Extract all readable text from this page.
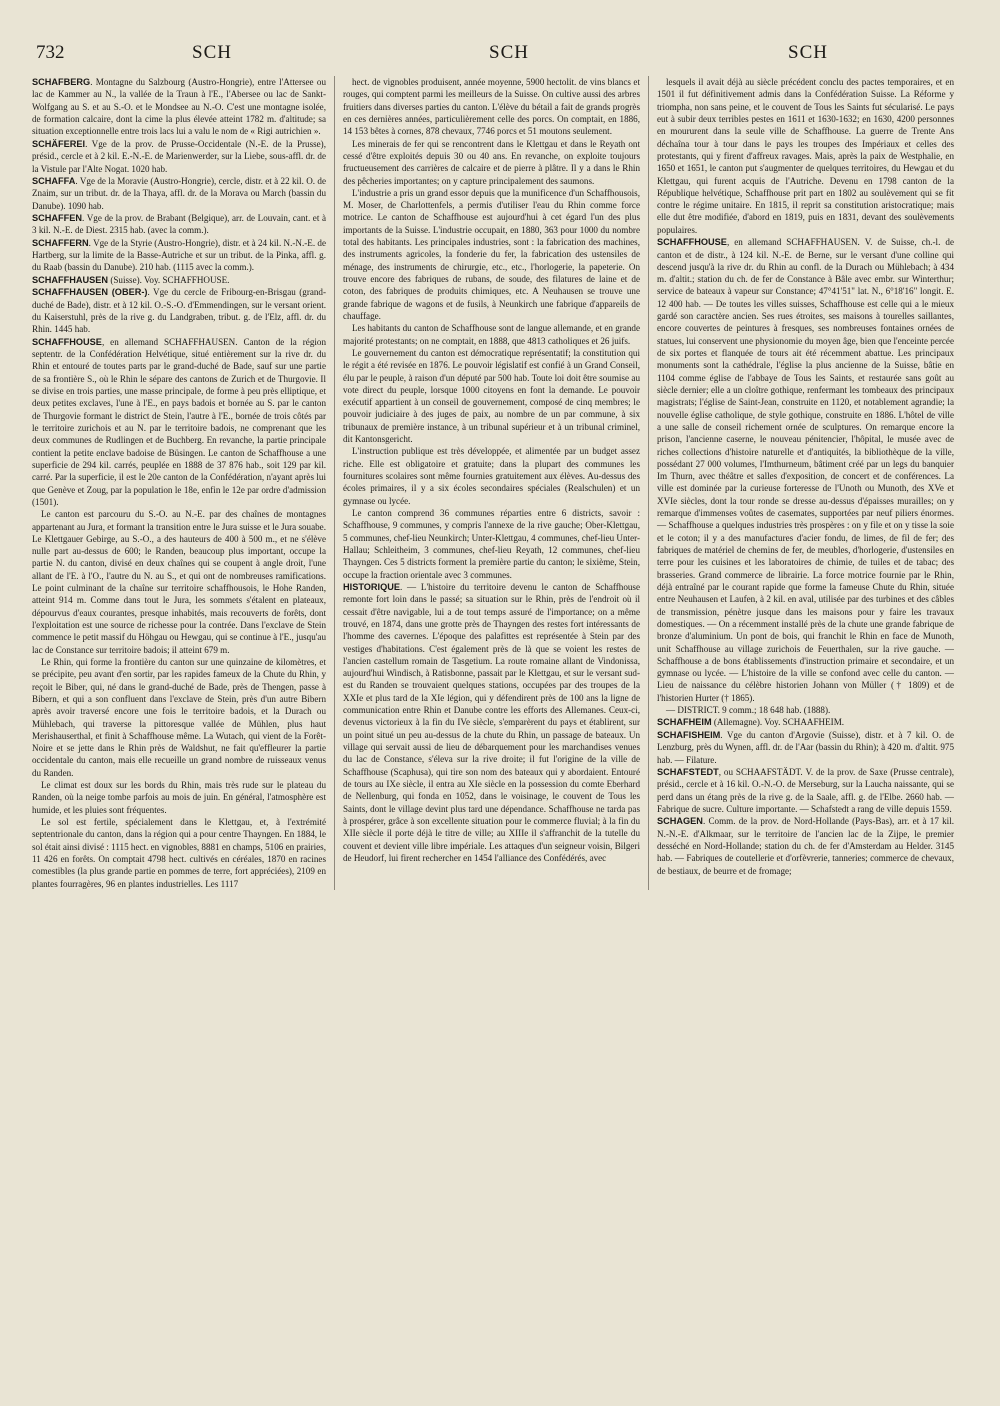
732	SCH	SCH	SCH

SCHAFBERG. Montagne du Salzbourg (Austro-Hongrie), entre l'Attersee ou lac de Kammer au N., la vallée de la Traun à l'E., l'Abersee ou lac de Sankt-Wolfgang au S. et au S.-O. et le Mondsee au N.-O. C'est une montagne isolée, de formation calcaire, dont la cime la plus élevée atteint 1782 m. d'altitude; sa situation exceptionnelle entre trois lacs lui a valu le nom de « Rigi autrichien ».

SCHÄFEREI. Vge de la prov. de Prusse-Occidentale (N.-E. de la Prusse), présid., cercle et à 2 kil. E.-N.-E. de Marienwerder, sur la Liebe, sous-affl. dr. de la Vistule par l'Alte Nogat. 1020 hab.

SCHAFFA. Vge de la Moravie (Austro-Hongrie), cercle, distr. et à 22 kil. O. de Znaim, sur un tribut. dr. de la Thaya, affl. dr. de la Morava ou March (bassin du Danube). 1090 hab.

SCHAFFEN. Vge de la prov. de Brabant (Belgique), arr. de Louvain, cant. et à 3 kil. N.-E. de Diest. 2315 hab. (avec la comm.).

SCHAFFERN. Vge de la Styrie (Austro-Hongrie), distr. et à 24 kil. N.-N.-E. de Hartberg, sur la limite de la Basse-Autriche et sur un tribut. de la Pinka, affl. g. du Raab (bassin du Danube). 210 hab. (1115 avec la comm.).

SCHAFFHAUSEN (Suisse). Voy. SCHAFFHOUSE.

SCHAFFHAUSEN (OBER-). Vge du cercle de Fribourg-en-Brisgau (grand-duché de Bade), distr. et à 12 kil. O.-S.-O. d'Emmendingen, sur le versant orient. du Kaiserstuhl, près de la rive g. du Landgraben, tribut. g. de l'Elz, affl. dr. du Rhin. 1445 hab.

SCHAFFHOUSE, en allemand SCHAFFHAUSEN. Canton de la région septentr. de la Confédération Helvétique, situé entièrement sur la rive dr. du Rhin et entouré de toutes parts par le grand-duché de Bade, sauf sur une partie de sa frontière S., où le Rhin le sépare des cantons de Zurich et de Thurgovie. Il se divise en trois parties, une masse principale, de forme à peu près elliptique, et deux petites exclaves, l'une à l'E., en pays badois et bornée au S. par le canton de Thurgovie formant le district de Stein, l'autre à l'E., bornée de trois côtés par le territoire zurichois et au N. par le territoire badois, ne comprenant que les deux communes de Rudlingen et de Buchberg. En revanche, la partie principale contient la petite enclave badoise de Büsingen. Le canton de Schaffhouse a une superficie de 294 kil. carrés, peuplée en 1888 de 37 876 hab., soit 129 par kil. carré. Par la superficie, il est le 20e canton de la Confédération, n'ayant après lui que Genève et Zoug, par la population le 18e, enfin le 12e par ordre d'admission (1501).

Le canton est parcouru du S.-O. au N.-E. par des chaînes de montagnes appartenant au Jura, et formant la transition entre le Jura suisse et le Jura souabe. Le Klettgauer Gebirge, au S.-O., a des hauteurs de 400 à 500 m., et ne s'élève nulle part au-dessus de 600; le Randen, beaucoup plus important, occupe la partie N. du canton, divisé en deux chaînes qui se coupent à angle droit, l'une allant de l'E. à l'O., l'autre du N. au S., et qui ont de nombreuses ramifications. Le point culminant de la chaîne sur territoire schaffhousois, le Hohe Randen, atteint 914 m. Comme dans tout le Jura, les sommets s'étalent en plateaux, dépourvus d'eaux courantes, presque inhabités, mais recouverts de forêts, dont l'exploitation est une source de richesse pour la contrée. Dans l'exclave de Stein commence le petit massif du Höhgau ou Hewgau, qui se continue à l'E., jusqu'au lac de Constance sur territoire badois; il atteint 679 m.

Le Rhin, qui forme la frontière du canton sur une quinzaine de kilomètres, et se précipite, peu avant d'en sortir, par les rapides fameux de la Chute du Rhin, y reçoit le Biber, qui, né dans le grand-duché de Bade, près de Thengen, passe à Bibern, et qui a son confluent dans l'exclave de Stein, près d'un autre Bibern après avoir traversé encore une fois le territoire badois, et la Durach ou Mühlebach, qui traverse la pittoresque vallée de Mühlen, plus haut Merishauserthal, et finit à Schaffhouse même. La Wutach, qui vient de la Forêt-Noire et se jette dans le Rhin près de Waldshut, ne fait qu'effleurer la partie occidentale du canton, mais elle recueille un grand nombre de ruisseaux venus du Randen.

Le climat est doux sur les bords du Rhin, mais très rude sur le plateau du Randen, où la neige tombe parfois au mois de juin. En général, l'atmosphère est humide, et les pluies sont fréquentes.

Le sol est fertile, spécialement dans le Klettgau, et, à l'extrémité septentrionale du canton, dans la région qui a pour centre Thayngen. En 1884, le sol était ainsi divisé : 1115 hect. en vignobles, 8881 en champs, 5106 en prairies, 11 426 en forêts. On comptait 4798 hect. cultivés en céréales, 1870 en racines comestibles (la plus grande partie en pommes de terre, fort appréciées), 2109 en plantes fourragères, 96 en plantes industrielles. Les 1117

hect. de vignobles produisent, année moyenne, 5900 hectolit. de vins blancs et rouges, qui comptent parmi les meilleurs de la Suisse. On cultive aussi des arbres fruitiers dans diverses parties du canton. L'élève du bétail a fait de grands progrès en ces dernières années, particulièrement celle des porcs. On comptait, en 1886, 14 153 bêtes à cornes, 878 chevaux, 7746 porcs et 51 moutons seulement.

Les minerais de fer qui se rencontrent dans le Klettgau et dans le Reyath ont cessé d'être exploités depuis 30 ou 40 ans. En revanche, on exploite toujours fructueusement des carrières de calcaire et de pierre à plâtre. Il y a dans le Rhin des pêcheries importantes; on y capture principalement des saumons.

L'industrie a pris un grand essor depuis que la munificence d'un Schaffhousois, M. Moser, de Charlottenfels, a permis d'utiliser l'eau du Rhin comme force motrice. Le canton de Schaffhouse est aujourd'hui à cet égard l'un des plus importants de la Suisse. L'industrie occupait, en 1880, 363 pour 1000 du nombre total des habitants. Les principales industries, sont : la fabrication des machines, des instruments agricoles, la fonderie du fer, la fabrication des ustensiles de ménage, des instruments de chirurgie, etc., etc., l'horlogerie, la papeterie. On trouve encore des fabriques de rubans, de soude, des filatures de laine et de coton, des fabriques de produits chimiques, etc. A Neuhausen se trouve une grande fabrique de wagons et de fusils, à Neunkirch une fabrique d'appareils de chauffage.

Les habitants du canton de Schaffhouse sont de langue allemande, et en grande majorité protestants; on ne comptait, en 1888, que 4813 catholiques et 26 juifs.

Le gouvernement du canton est démocratique représentatif; la constitution qui le régit a été revisée en 1876. Le pouvoir législatif est confié à un Grand Conseil, élu par le peuple, à raison d'un député par 500 hab. Toute loi doit être soumise au vote direct du peuple, lorsque 1000 citoyens en font la demande. Le pouvoir exécutif appartient à un conseil de gouvernement, composé de cinq membres; le pouvoir judiciaire à des juges de paix, au nombre de un par commune, à six tribunaux de première instance, à un tribunal supérieur et à un tribunal criminel, dit Kantonsgericht.

L'instruction publique est très développée, et alimentée par un budget assez riche. Elle est obligatoire et gratuite; dans la plupart des communes les fournitures scolaires sont même fournies gratuitement aux élèves. Au-dessus des écoles primaires, il y a six écoles secondaires spéciales (Realschulen) et un gymnase ou lycée.

Le canton comprend 36 communes réparties entre 6 districts, savoir : Schaffhouse, 9 communes, y compris l'annexe de la rive gauche; Ober-Klettgau, 5 communes, chef-lieu Neunkirch; Unter-Klettgau, 4 communes, chef-lieu Unter-Hallau; Schleitheim, 3 communes, chef-lieu Reyath, 12 communes, chef-lieu Thayngen. Ces 5 districts forment la première partie du canton; le sixième, Stein, occupe la fraction orientale avec 3 communes.

HISTORIQUE. — L'histoire du territoire devenu le canton de Schaffhouse remonte fort loin dans le passé; sa situation sur le Rhin, près de l'endroit où il cessait d'être navigable, lui a de tout temps assuré de l'importance; on a même trouvé, en 1874, dans une grotte près de Thayngen des restes fort intéressants de l'homme des cavernes. L'époque des palafittes est représentée à Stein par des vestiges d'habitations. C'est également près de là que se voient les restes de l'ancien castellum romain de Tasgetium. La route romaine allant de Vindonissa, aujourd'hui Windisch, à Ratisbonne, passait par le Klettgau, et sur le versant sud-est du Randen se trouvaient quelques stations, occupées par des troupes de la XXIe et plus tard de la XIe légion, qui y défendirent près de 100 ans la ligne de communication entre Rhin et Danube contre les efforts des Allemanes. Ceux-ci, devenus victorieux à la fin du IVe siècle, s'emparèrent du pays et établirent, sur un point situé un peu au-dessus de la chute du Rhin, un passage de bateaux. Un village qui servait aussi de lieu de débarquement pour les marchandises venues du lac de Constance, s'éleva sur la rive droite; il fut l'origine de la ville de Schaffhouse (Scaphusa), qui tire son nom des bateaux qui y abordaient. Entouré de tours au IXe siècle, il entra au XIe siècle en la possession du comte Eberhard de Nellenburg, qui fonda en 1052, dans le voisinage, le couvent de Tous les Saints, dont le village devint plus tard une dépendance. Schaffhouse ne tarda pas à prospérer, grâce à son excellente situation pour le commerce fluvial; à la fin du XIIe siècle il porte déjà le titre de ville; au XIIIe il s'affranchit de la tutelle du couvent et devient ville libre impériale. Les attaques d'un seigneur voisin, Bilgeri de Heudorf, lui firent rechercher en 1454 l'alliance des Confédérés, avec

lesquels il avait déjà au siècle précédent conclu des pactes temporaires, et en 1501 il fut définitivement admis dans la Confédération Suisse. La Réforme y triompha, non sans peine, et le couvent de Tous les Saints fut sécularisé. Le pays eut à subir deux terribles pestes en 1611 et 1630-1632; en 1630, 4200 personnes en moururent dans la seule ville de Schaffhouse. La guerre de Trente Ans déchaîna tour à tour dans le pays les troupes des Impériaux et celles des protestants, qui y firent d'affreux ravages. Mais, après la paix de Westphalie, en 1650 et 1651, le canton put s'augmenter de quelques territoires, du Hewgau et du Klettgau, qui furent acquis de l'Autriche. Devenu en 1798 canton de la République helvétique, Schaffhouse prit part en 1802 au soulèvement qui se fit contre le régime unitaire. En 1815, il reprit sa constitution aristocratique; mais elle dut être modifiée, d'abord en 1819, puis en 1831, devant des soulèvements populaires.

SCHAFFHOUSE, en allemand SCHAFFHAUSEN. V. de Suisse, ch.-l. de canton et de distr., à 124 kil. N.-E. de Berne, sur le versant d'une colline qui descend jusqu'à la rive dr. du Rhin au confl. de la Durach ou Mühlebach; à 434 m. d'altit.; station du ch. de fer de Constance à Bâle avec embr. sur Winterthur; service de bateaux à vapeur sur Constance; 47°41'51" lat. N., 6°18'16" longit. E. 12 400 hab. — De toutes les villes suisses, Schaffhouse est celle qui a le mieux gardé son caractère ancien. Ses rues étroites, ses maisons à tourelles saillantes, encore couvertes de peintures à fresques, ses nombreuses fontaines ornées de statues, lui conservent une physionomie du moyen âge, bien que l'enceinte percée de six portes et flanquée de tours ait été récemment abattue. Les principaux monuments sont la cathédrale, l'église la plus ancienne de la Suisse, bâtie en 1104 comme église de l'abbaye de Tous les Saints, et restaurée sans goût au siècle dernier; elle a un cloître gothique, renfermant les tombeaux des principaux magistrats; l'église de Saint-Jean, construite en 1120, et notablement agrandie; la nouvelle église catholique, de style gothique, construite en 1886. L'hôtel de ville a une salle de conseil richement ornée de sculptures. On remarque encore la prison, l'ancienne caserne, le nouveau pénitencier, l'hôpital, le musée avec de riches collections d'histoire naturelle et d'antiquités, la bibliothèque de la ville, possédant 27 000 volumes, l'Imthurneum, bâtiment créé par un legs du banquier Im Thurn, avec théâtre et salles d'exposition, de concert et de conférences. La ville est dominée par la curieuse forteresse de l'Unoth ou Munoth, des XVe et XVIe siècles, dont la tour ronde se dresse au-dessus d'épaisses murailles; on y remarque d'immenses voûtes de casemates, supportées par neuf piliers énormes. — Schaffhouse a quelques industries très prospères : on y file et on y tisse la soie et le coton; il y a des manufactures d'acier fondu, de limes, de fil de fer; des fabriques de matériel de chemins de fer, de meubles, d'horlogerie, d'ustensiles en terre pour les cuisines et les laboratoires de chimie, de tuiles et de tabac; des brasseries. Grand commerce de librairie. La force motrice fournie par le Rhin, déjà entraîné par le courant rapide que forme la fameuse Chute du Rhin, située entre Neuhausen et Laufen, à 2 kil. en aval, utilisée par des turbines et des câbles de transmission, pénètre jusque dans les maisons pour y faire les travaux domestiques. — On a récemment installé près de la chute une grande fabrique de bronze d'aluminium. Un pont de bois, qui franchit le Rhin en face de Munoth, unit Schaffhouse au village zurichois de Feuerthalen, sur la rive gauche. — Schaffhouse a de bons établissements d'instruction primaire et secondaire, et un gymnase ou lycée. — L'histoire de la ville se confond avec celle du canton. — Lieu de naissance du célèbre historien Johann von Müller († 1809) et de l'historien Hurter († 1865).

— DISTRICT. 9 comm.; 18 648 hab. (1888).

SCHAFHEIM (Allemagne). Voy. SCHAAFHEIM.

SCHAFISHEIM. Vge du canton d'Argovie (Suisse), distr. et à 7 kil. O. de Lenzburg, près du Wynen, affl. dr. de l'Aar (bassin du Rhin); à 420 m. d'altit. 975 hab. — Filature.

SCHAFSTEDT, ou SCHAAFSTÄDT. V. de la prov. de Saxe (Prusse centrale), présid., cercle et à 16 kil. O.-N.-O. de Merseburg, sur la Laucha naissante, qui se perd dans un étang près de la rive g. de la Saale, affl. g. de l'Elbe. 2660 hab. — Fabrique de sucre. Culture importante. — Schafstedt a rang de ville depuis 1559.

SCHAGEN. Comm. de la prov. de Nord-Hollande (Pays-Bas), arr. et à 17 kil. N.-N.-E. d'Alkmaar, sur le territoire de l'ancien lac de la Zijpe, le premier desséché en Nord-Hollande; station du ch. de fer d'Amsterdam au Helder. 3145 hab. — Fabriques de coutellerie et d'orfèvrerie, tanneries; commerce de chevaux, de bestiaux, de beurre et de fromage;
